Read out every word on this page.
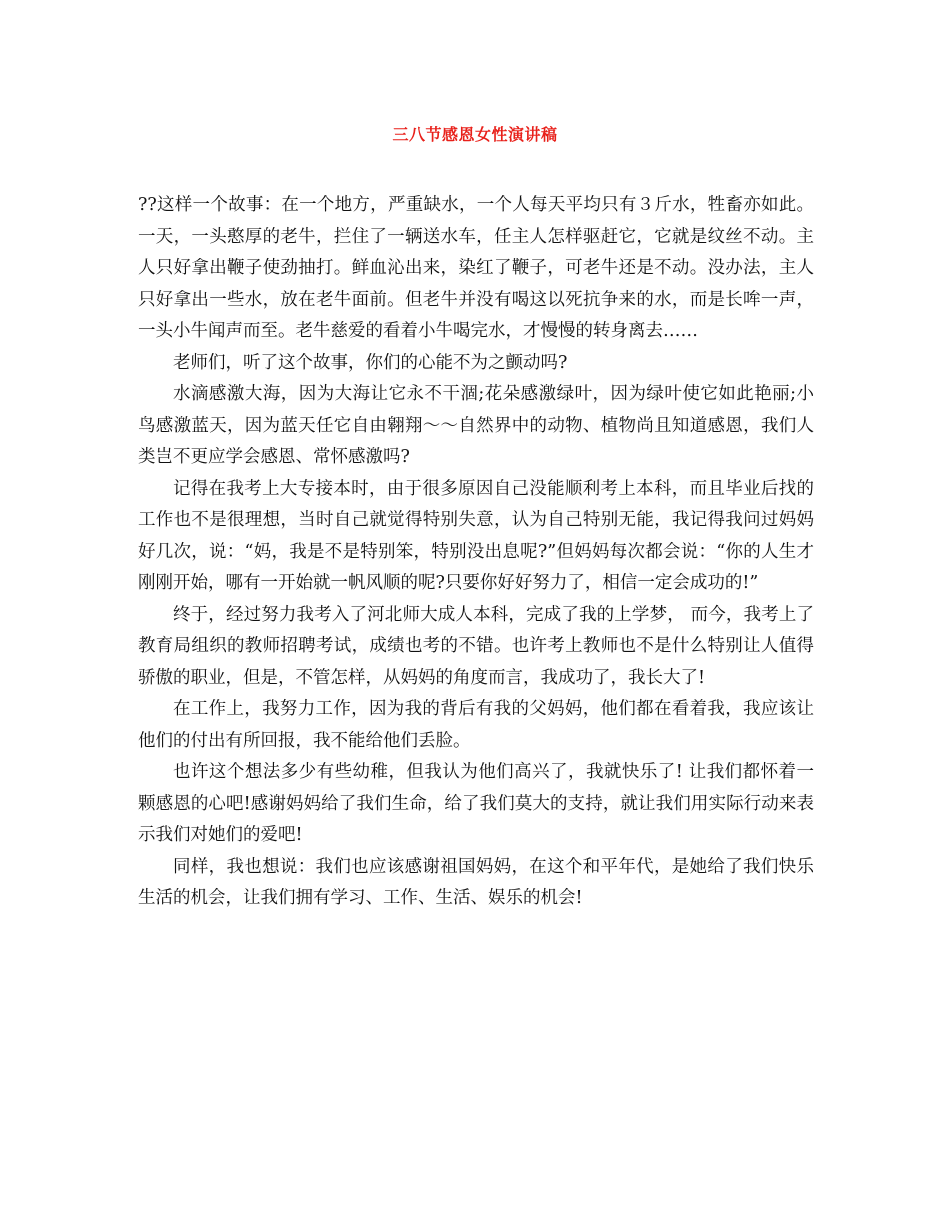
三八节感恩女性演讲稿

??这样一个故事：在一个地方，严重缺水，一个人每天平均只有３斤水，牲畜亦如此。一天，一头憨厚的老牛，拦住了一辆送水车，任主人怎样驱赶它，它就是纹丝不动。主人只好拿出鞭子使劲抽打。鲜血沁出来，染红了鞭子，可老牛还是不动。没办法，主人只好拿出一些水，放在老牛面前。但老牛并没有喝这以死抗争来的水，而是长哞一声，一头小牛闻声而至。老牛慈爱的看着小牛喝完水，才慢慢的转身离去……

老师们，听了这个故事，你们的心能不为之颤动吗?

水滴感激大海，因为大海让它永不干涸;花朵感激绿叶，因为绿叶使它如此艳丽;小鸟感激蓝天，因为蓝天任它自由翱翔～～自然界中的动物、植物尚且知道感恩，我们人类岂不更应学会感恩、常怀感激吗?

记得在我考上大专接本时，由于很多原因自己没能顺利考上本科，而且毕业后找的工作也不是很理想，当时自己就觉得特别失意，认为自己特别无能，我记得我问过妈妈好几次，说：“妈，我是不是特别笨，特别没出息呢?”但妈妈每次都会说：“你的人生才刚刚开始，哪有一开始就一帆风顺的呢?只要你好好努力了，相信一定会成功的!”

终于，经过努力我考入了河北师大成人本科，完成了我的上学梦， 而今，我考上了教育局组织的教师招聘考试，成绩也考的不错。也许考上教师也不是什么特别让人值得骄傲的职业，但是，不管怎样，从妈妈的角度而言，我成功了，我长大了!

在工作上，我努力工作，因为我的背后有我的父妈妈，他们都在看着我，我应该让他们的付出有所回报，我不能给他们丢脸。

也许这个想法多少有些幼稚，但我认为他们高兴了，我就快乐了! 让我们都怀着一颗感恩的心吧!感谢妈妈给了我们生命，给了我们莫大的支持，就让我们用实际行动来表示我们对她们的爱吧!

同样，我也想说：我们也应该感谢祖国妈妈，在这个和平年代，是她给了我们快乐生活的机会，让我们拥有学习、工作、生活、娱乐的机会!
